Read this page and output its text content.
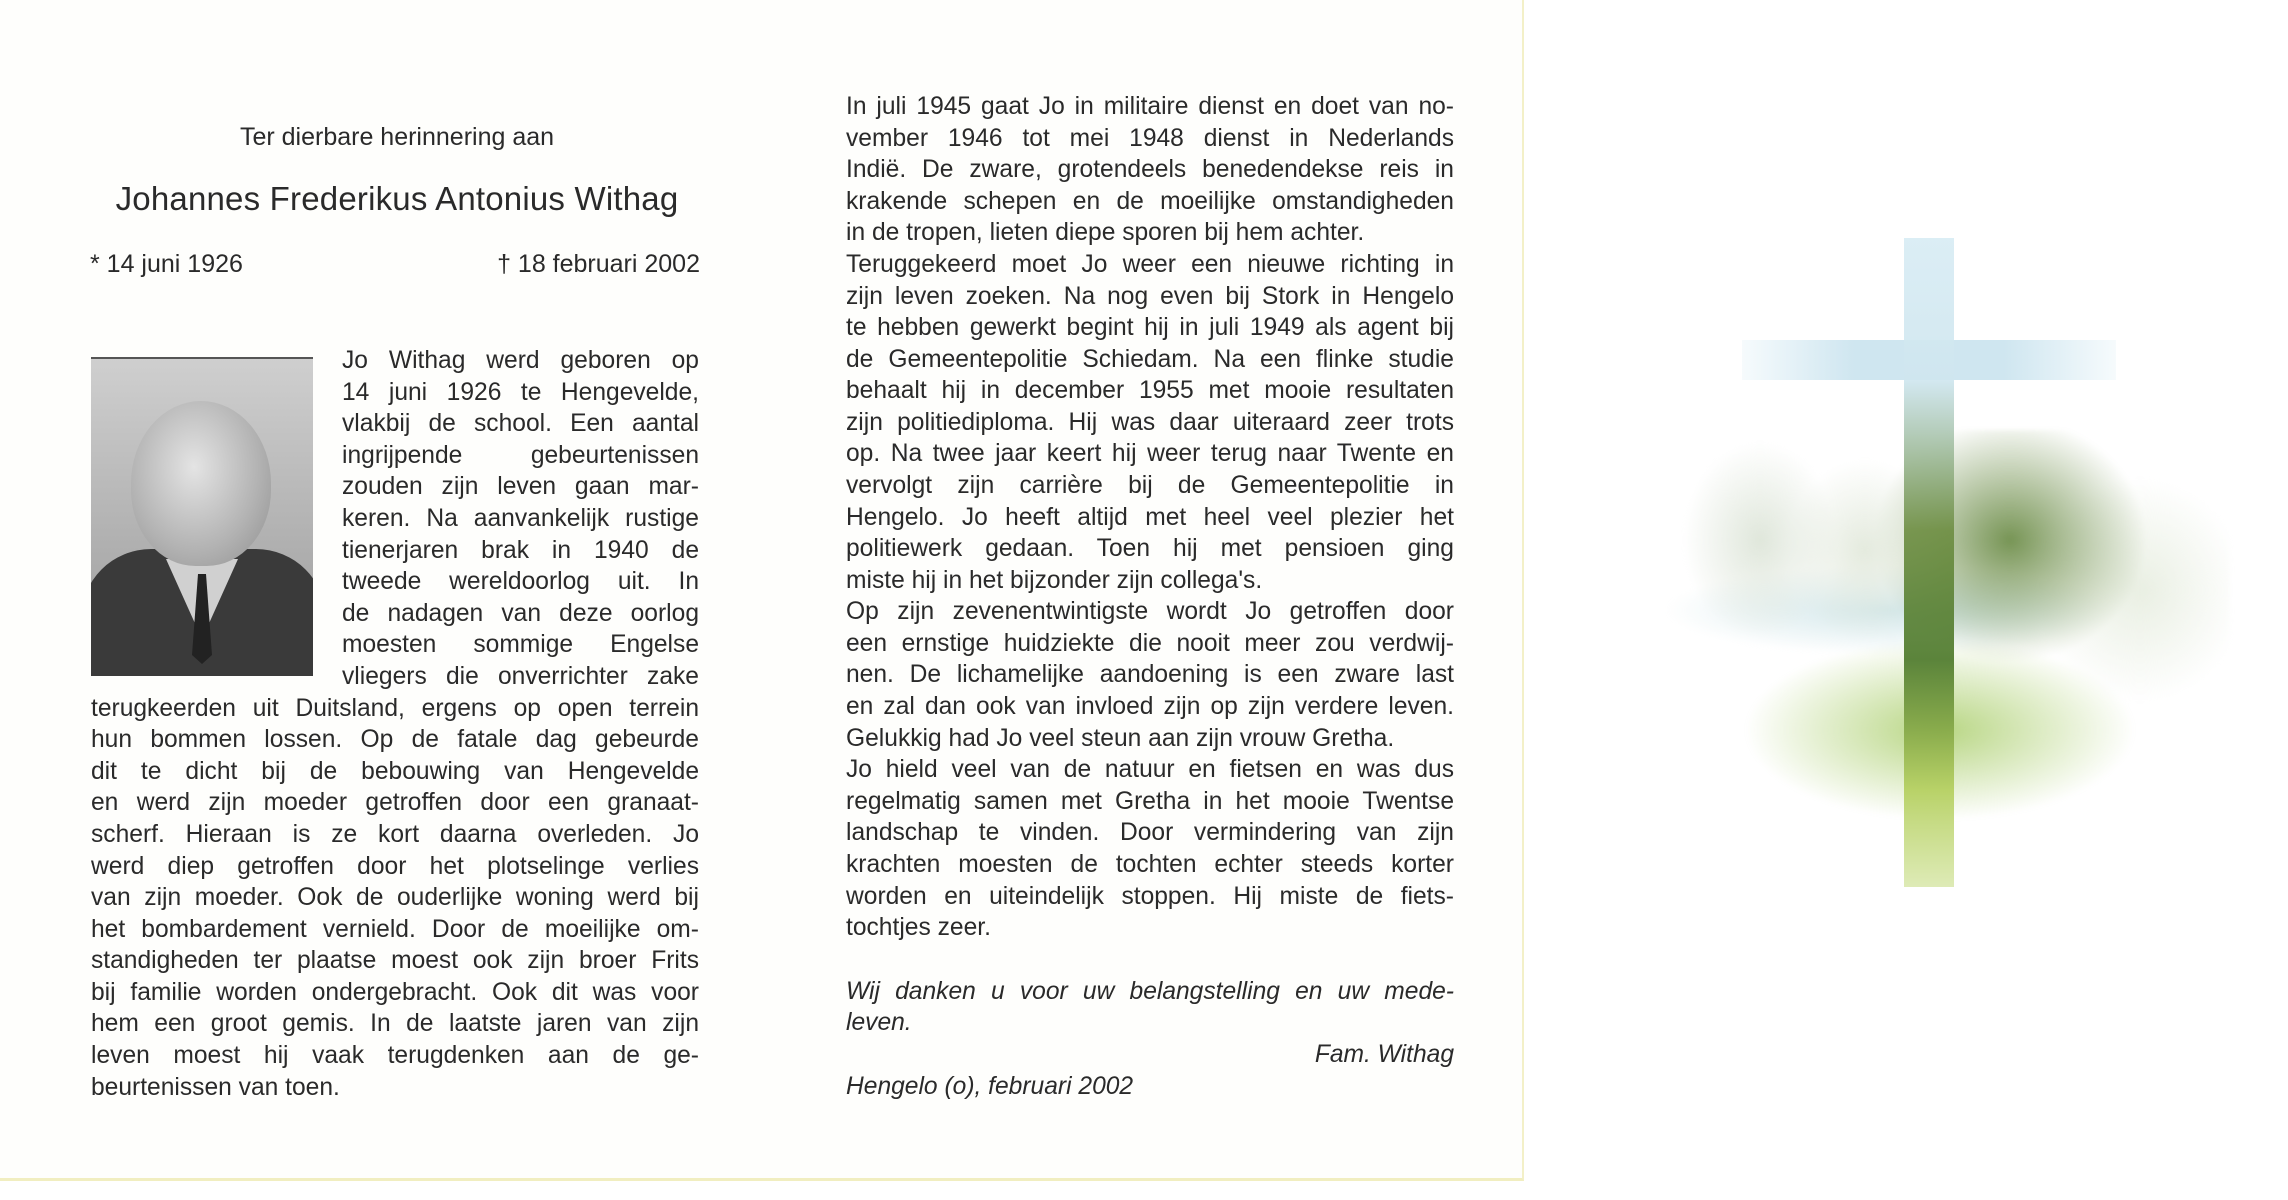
Ter dierbare herinnering aan
Johannes Frederikus Antonius Withag
* 14 juni 1926	† 18 februari 2002
Jo Withag werd geboren op
14 juni 1926 te Hengevelde,
vlakbij de school. Een aantal
ingrijpende gebeurtenissen
zouden zijn leven gaan mar-
keren. Na aanvankelijk rustige
tienerjaren brak in 1940 de
tweede wereldoorlog uit. In
de nadagen van deze oorlog
moesten sommige Engelse
vliegers die onverrichter zake
terugkeerden uit Duitsland, ergens op open terrein
hun bommen lossen. Op de fatale dag gebeurde
dit te dicht bij de bebouwing van Hengevelde
en werd zijn moeder getroffen door een granaat-
scherf. Hieraan is ze kort daarna overleden. Jo
werd diep getroffen door het plotselinge verlies
van zijn moeder. Ook de ouderlijke woning werd bij
het bombardement vernield. Door de moeilijke om-
standigheden ter plaatse moest ook zijn broer Frits
bij familie worden ondergebracht. Ook dit was voor
hem een groot gemis. In de laatste jaren van zijn
leven moest hij vaak terugdenken aan de ge-
beurtenissen van toen.
In juli 1945 gaat Jo in militaire dienst en doet van no-
vember 1946 tot mei 1948 dienst in Nederlands
Indië. De zware, grotendeels benedendekse reis in
krakende schepen en de moeilijke omstandigheden
in de tropen, lieten diepe sporen bij hem achter.
Teruggekeerd moet Jo weer een nieuwe richting in
zijn leven zoeken. Na nog even bij Stork in Hengelo
te hebben gewerkt begint hij in juli 1949 als agent bij
de Gemeentepolitie Schiedam. Na een flinke studie
behaalt hij in december 1955 met mooie resultaten
zijn politiediploma. Hij was daar uiteraard zeer trots
op. Na twee jaar keert hij weer terug naar Twente en
vervolgt zijn carrière bij de Gemeentepolitie in
Hengelo. Jo heeft altijd met heel veel plezier het
politiewerk gedaan. Toen hij met pensioen ging
miste hij in het bijzonder zijn collega's.
Op zijn zevenentwintigste wordt Jo getroffen door
een ernstige huidziekte die nooit meer zou verdwij-
nen. De lichamelijke aandoening is een zware last
en zal dan ook van invloed zijn op zijn verdere leven.
Gelukkig had Jo veel steun aan zijn vrouw Gretha.
Jo hield veel van de natuur en fietsen en was dus
regelmatig samen met Gretha in het mooie Twentse
landschap te vinden. Door vermindering van zijn
krachten moesten de tochten echter steeds korter
worden en uiteindelijk stoppen. Hij miste de fiets-
tochtjes zeer.
Wij danken u voor uw belangstelling en uw mede-
leven.
Fam. Withag
Hengelo (o), februari 2002
